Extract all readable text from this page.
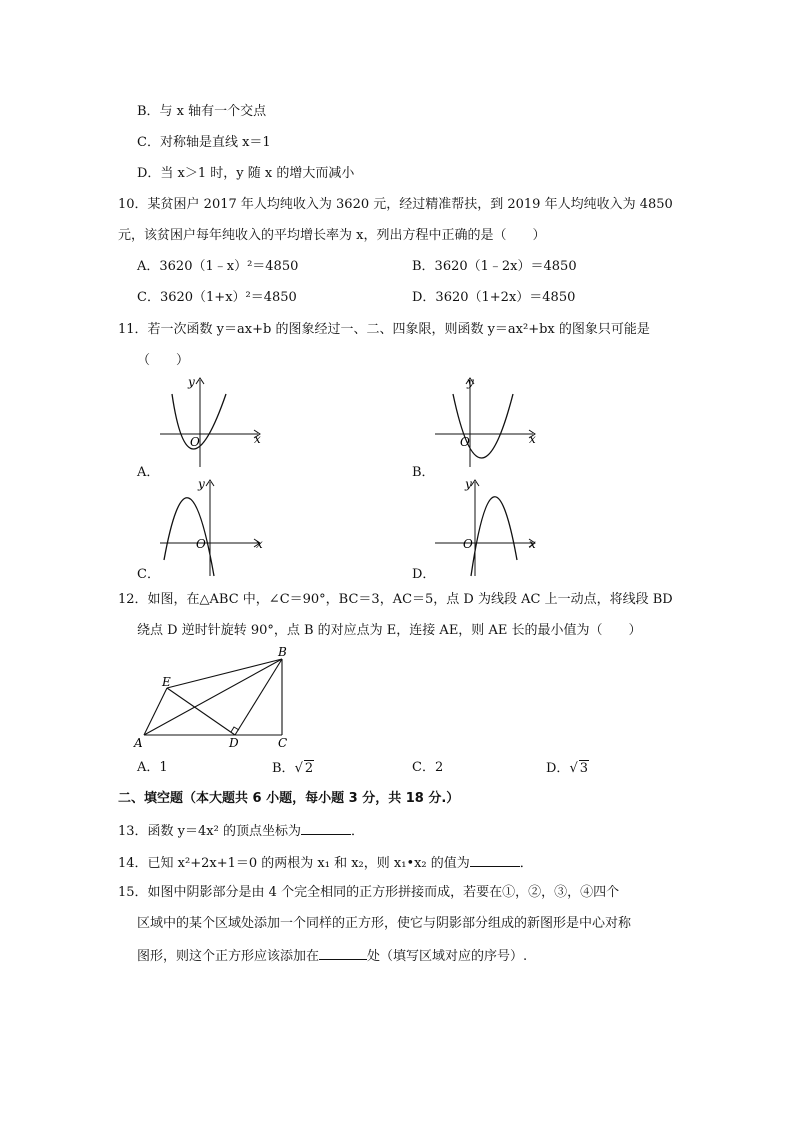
B．与 x 轴有一个交点
C．对称轴是直线 x＝1
D．当 x＞1 时，y 随 x 的增大而减小
10．某贫困户 2017 年人均纯收入为 3620 元，经过精准帮扶，到 2019 年人均纯收入为 4850
元，该贫困户每年纯收入的平均增长率为 x，列出方程中正确的是（　　）
A．3620（1﹣x）²＝4850	B．3620（1﹣2x）＝4850
C．3620（1+x）²＝4850	D．3620（1+2x）＝4850
11．若一次函数 y＝ax+b 的图象经过一、二、四象限，则函数 y＝ax²+bx 的图象只可能是
（　　）
y
x
O
A．
y
x
O
B．
y
x
O
C．
y
x
O
D．
12．如图，在△ABC 中，∠C＝90°，BC＝3，AC＝5，点 D 为线段 AC 上一动点，将线段 BD
绕点 D 逆时针旋转 90°，点 B 的对应点为 E，连接 AE，则 AE 长的最小值为（　　）
A
B
C
D
E
A．1	B．√ 2	C．2	D．√ 3
二、填空题（本大题共 6 小题，每小题 3 分，共 18 分.）
13．函数 y＝4x² 的顶点坐标为	．
14．已知 x²+2x+1＝0 的两根为 x₁ 和 x₂，则 x₁•x₂ 的值为	．
15．如图中阴影部分是由 4 个完全相同的正方形拼接而成，若要在①，②，③，④四个
区域中的某个区域处添加一个同样的正方形，使它与阴影部分组成的新图形是中心对称
图形，则这个正方形应该添加在	处（填写区域对应的序号）.
